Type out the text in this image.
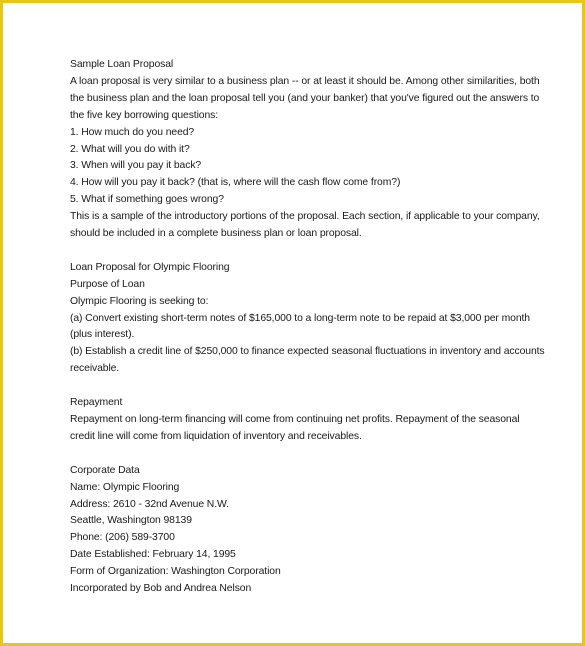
Sample Loan Proposal
A loan proposal is very similar to a business plan -- or at least it should be. Among other similarities, both
the business plan and the loan proposal tell you (and your banker) that you've figured out the answers to
the five key borrowing questions:
1. How much do you need?
2. What will you do with it?
3. When will you pay it back?
4. How will you pay it back? (that is, where will the cash flow come from?)
5. What if something goes wrong?
This is a sample of the introductory portions of the proposal. Each section, if applicable to your company,
should be included in a complete business plan or loan proposal.
Loan Proposal for Olympic Flooring
Purpose of Loan
Olympic Flooring is seeking to:
(a) Convert existing short-term notes of $165,000 to a long-term note to be repaid at $3,000 per month
(plus interest).
(b) Establish a credit line of $250,000 to finance expected seasonal fluctuations in inventory and accounts
receivable.
Repayment
Repayment on long-term financing will come from continuing net profits. Repayment of the seasonal
credit line will come from liquidation of inventory and receivables.
Corporate Data
Name: Olympic Flooring
Address: 2610 - 32nd Avenue N.W.
Seattle, Washington 98139
Phone: (206) 589-3700
Date Established: February 14, 1995
Form of Organization: Washington Corporation
Incorporated by Bob and Andrea Nelson
